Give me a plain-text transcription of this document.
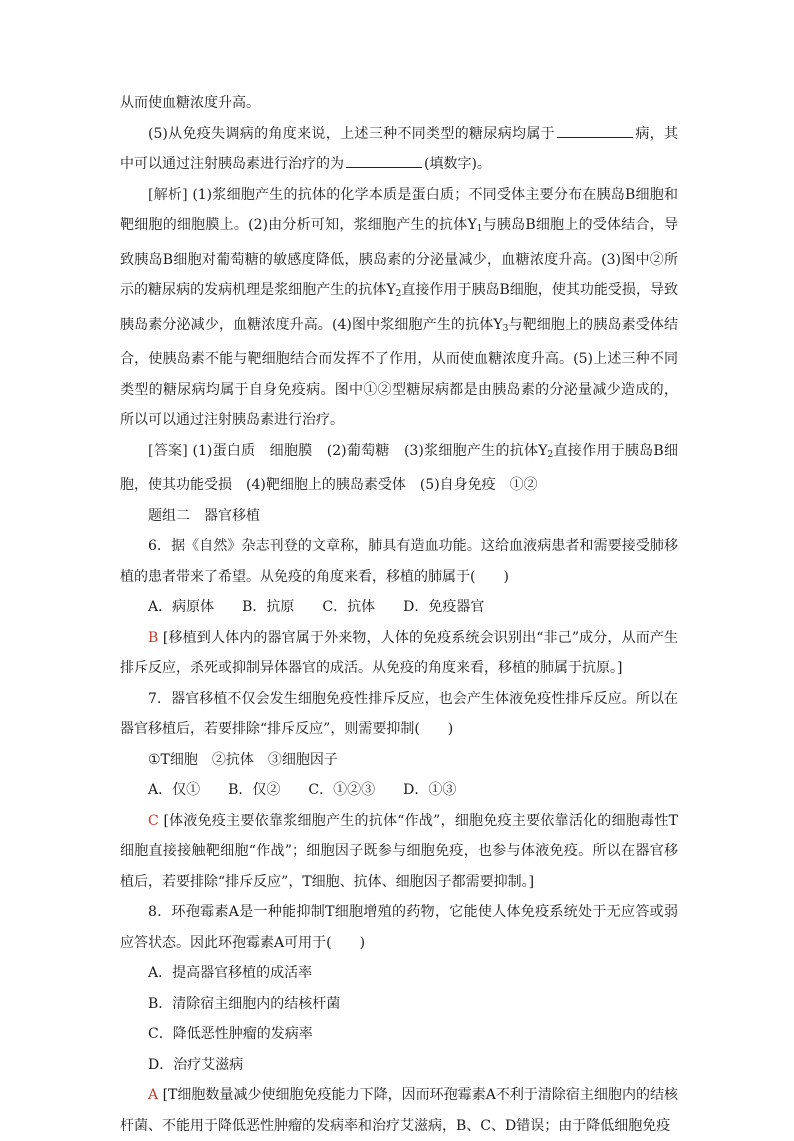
从而使血糖浓度升高。

(5)从免疫失调病的角度来说，上述三种不同类型的糖尿病均属于	病，其中可以通过注射胰岛素进行治疗的为	(填数字)。

[解析] (1)浆细胞产生的抗体的化学本质是蛋白质；不同受体主要分布在胰岛B细胞和靶细胞的细胞膜上。(2)由分析可知，浆细胞产生的抗体$Y_1$与胰岛B细胞上的受体结合，导致胰岛B细胞对葡萄糖的敏感度降低，胰岛素的分泌量减少，血糖浓度升高。(3)图中②所示的糖尿病的发病机理是浆细胞产生的抗体$Y_2$直接作用于胰岛B细胞，使其功能受损，导致胰岛素分泌减少，血糖浓度升高。(4)图中浆细胞产生的抗体$Y_3$与靶细胞上的胰岛素受体结合，使胰岛素不能与靶细胞结合而发挥不了作用，从而使血糖浓度升高。(5)上述三种不同类型的糖尿病均属于自身免疫病。图中①②型糖尿病都是由胰岛素的分泌量减少造成的，所以可以通过注射胰岛素进行治疗。

[答案] (1)蛋白质　细胞膜　(2)葡萄糖　(3)浆细胞产生的抗体$Y_2$直接作用于胰岛B细胞，使其功能受损　(4)靶细胞上的胰岛素受体　(5)自身免疫　①②

题组二　器官移植

6．据《自然》杂志刊登的文章称，肺具有造血功能。这给血液病患者和需要接受肺移植的患者带来了希望。从免疫的角度来看，移植的肺属于(　　)

A．病原体　　B．抗原　　C．抗体　　D．免疫器官

B [移植到人体内的器官属于外来物，人体的免疫系统会识别出“非己”成分，从而产生排斥反应，杀死或抑制异体器官的成活。从免疫的角度来看，移植的肺属于抗原。]

7．器官移植不仅会发生细胞免疫性排斥反应，也会产生体液免疫性排斥反应。所以在器官移植后，若要排除“排斥反应”，则需要抑制(　　)

①T细胞　②抗体　③细胞因子

A．仅①　　B．仅②　　C．①②③　　D．①③

C [体液免疫主要依靠浆细胞产生的抗体“作战”，细胞免疫主要依靠活化的细胞毒性T细胞直接接触靶细胞“作战”；细胞因子既参与细胞免疫，也参与体液免疫。所以在器官移植后，若要排除“排斥反应”，T细胞、抗体、细胞因子都需要抑制。]

8．环孢霉素A是一种能抑制T细胞增殖的药物，它能使人体免疫系统处于无应答或弱应答状态。因此环孢霉素A可用于(　　)

A．提高器官移植的成活率

B．清除宿主细胞内的结核杆菌

C．降低恶性肿瘤的发病率

D．治疗艾滋病

A [T细胞数量减少使细胞免疫能力下降，因而环孢霉素A不利于清除宿主细胞内的结核杆菌、不能用于降低恶性肿瘤的发病率和治疗艾滋病，B、C、D错误；由于降低细胞免疫
